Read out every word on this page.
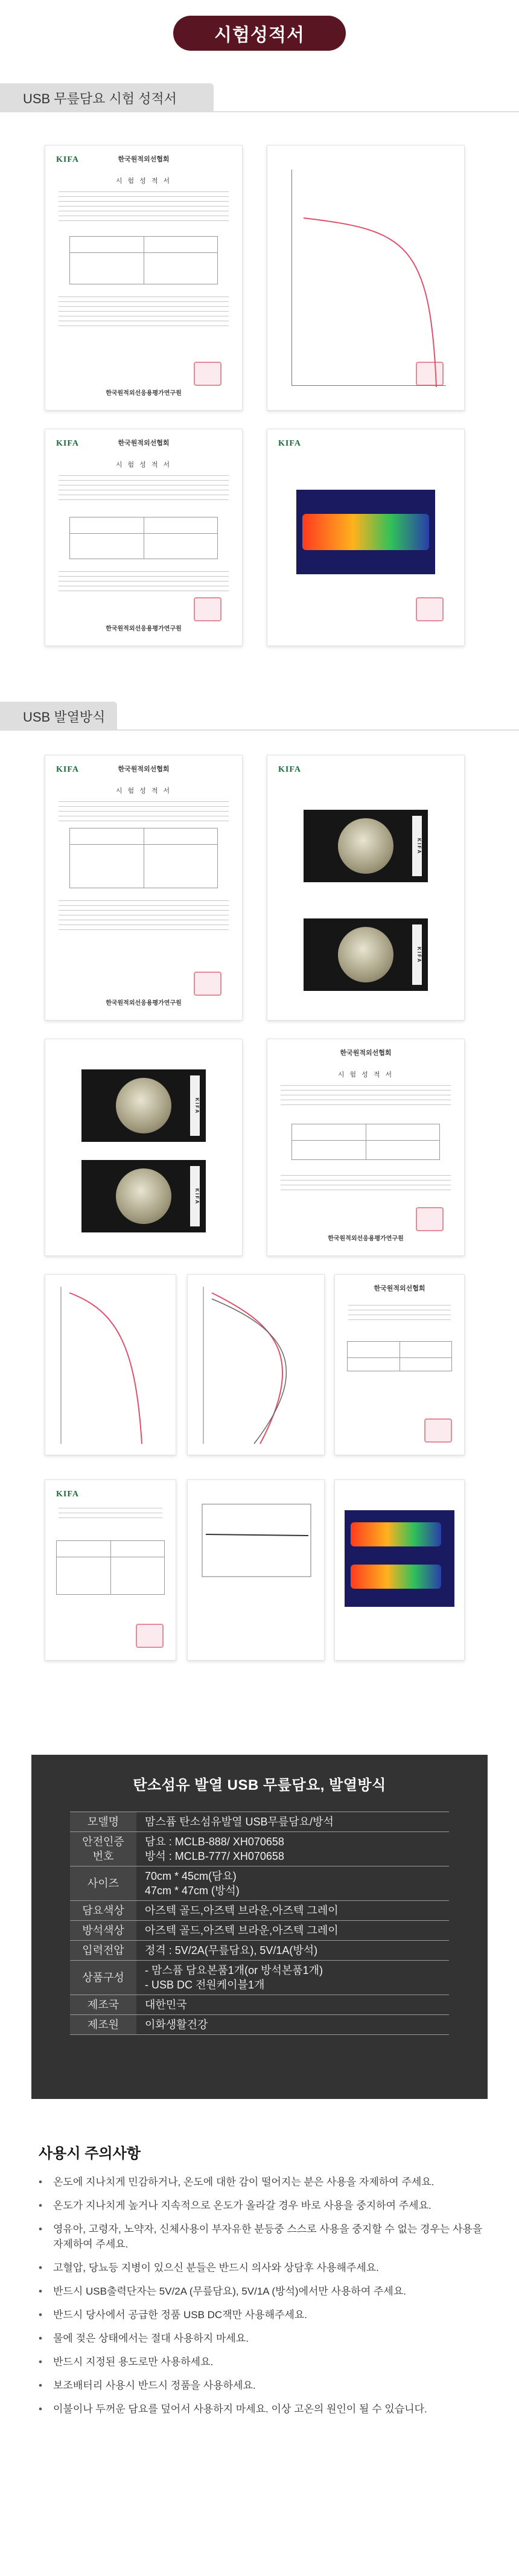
시험성적서
USB 무릎담요 시험 성적서
KIFA	한국원적외선협회
시 험 성 적 서
한국원적외선응용평가연구원
KIFA	한국원적외선협회
시 험 성 적 서
한국원적외선응용평가연구원
KIFA
USB 발열방식
KIFA	한국원적외선협회
시 험 성 적 서
한국원적외선응용평가연구원
KIFA
K I F A
K I F A
K I F A
K I F A
한국원적외선협회
시 험 성 적 서
한국원적외선응용평가연구원
한국원적외선협회
KIFA
탄소섬유 발열 USB 무릎담요, 발열방식
모델명	맘스퓸 탄소섬유발열 USB무릎담요/방석

안전인증
번호	담요 : MCLB-888/ XH070658
방석 : MCLB-777/ XH070658

사이즈	70cm * 45cm(담요)
47cm * 47cm (방석)

담요색상	아즈텍 골드,아즈텍 브라운,아즈텍 그레이
방석색상	아즈텍 골드,아즈텍 브라운,아즈텍 그레이
입력전압	정격 : 5V/2A(무릎담요), 5V/1A(방석)
상품구성	- 맘스퓸 담요본품1개(or 방석본품1개)
- USB DC 전원케이블1개

제조국	대한민국
제조원	이화생활건강
사용시 주의사항
• 온도에 지나치게 민감하거나, 온도에 대한 감이 떨어지는 분은 사용을 자제하여 주세요.
• 온도가 지나치게 높거나 지속적으로 온도가 올라갈 경우 바로 사용을 중지하여 주세요.
• 영유아, 고령자, 노약자, 신체사용이 부자유한 분등중 스스로 사용을 중지할 수 없는 경우는 사용을 자제하여 주세요.
• 고혈압, 당뇨등 지병이 있으신 분들은 반드시 의사와 상담후 사용해주세요.
• 반드시 USB출력단자는 5V/2A (무릎담요), 5V/1A (방석)에서만 사용하여 주세요.
• 반드시 당사에서 공급한 정품 USB DC잭만 사용해주세요.
• 물에 젖은 상태에서는 절대 사용하지 마세요.
• 반드시 지정된 용도로만 사용하세요.
• 보조배터리 사용시 반드시 정품을 사용하세요.
• 이불이나 두꺼운 담요를 덮어서 사용하지 마세요. 이상 고온의 원인이 될 수 있습니다.
